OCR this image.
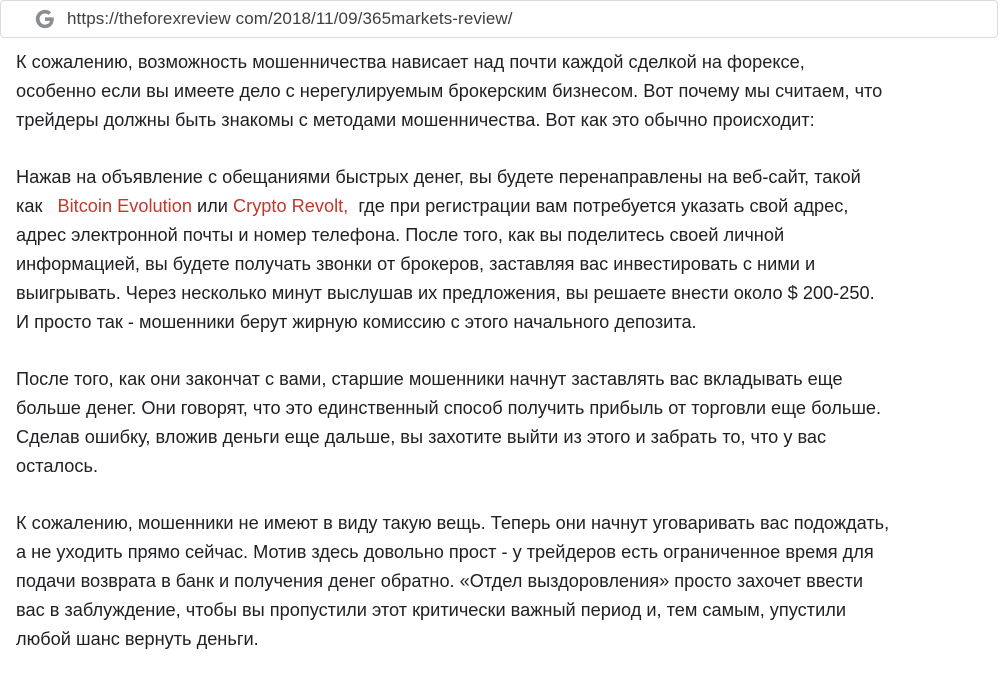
https://theforexreview com/2018/11/09/365markets-review/

К сожалению, возможность мошенничества нависает над почти каждой сделкой на форексе,
особенно если вы имеете дело с нерегулируемым брокерским бизнесом. Вот почему мы считаем, что
трейдеры должны быть знакомы с методами мошенничества. Вот как это обычно происходит:

Нажав на объявление с обещаниями быстрых денег, вы будете перенаправлены на веб-сайт, такой
как Bitcoin Evolution или Crypto Revolt,  где при регистрации вам потребуется указать свой адрес,
адрес электронной почты и номер телефона. После того, как вы поделитесь своей личной
информацией, вы будете получать звонки от брокеров, заставляя вас инвестировать с ними и
выигрывать. Через несколько минут выслушав их предложения, вы решаете внести около $ 200-250.
И просто так - мошенники берут жирную комиссию с этого начального депозита.

После того, как они закончат с вами, старшие мошенники начнут заставлять вас вкладывать еще
больше денег. Они говорят, что это единственный способ получить прибыль от торговли еще больше.
Сделав ошибку, вложив деньги еще дальше, вы захотите выйти из этого и забрать то, что у вас
осталось.

К сожалению, мошенники не имеют в виду такую вещь. Теперь они начнут уговаривать вас подождать,
а не уходить прямо сейчас. Мотив здесь довольно прост - у трейдеров есть ограниченное время для
подачи возврата в банк и получения денег обратно. «Отдел выздоровления» просто захочет ввести
вас в заблуждение, чтобы вы пропустили этот критически важный период и, тем самым, упустили
любой шанс вернуть деньги.
